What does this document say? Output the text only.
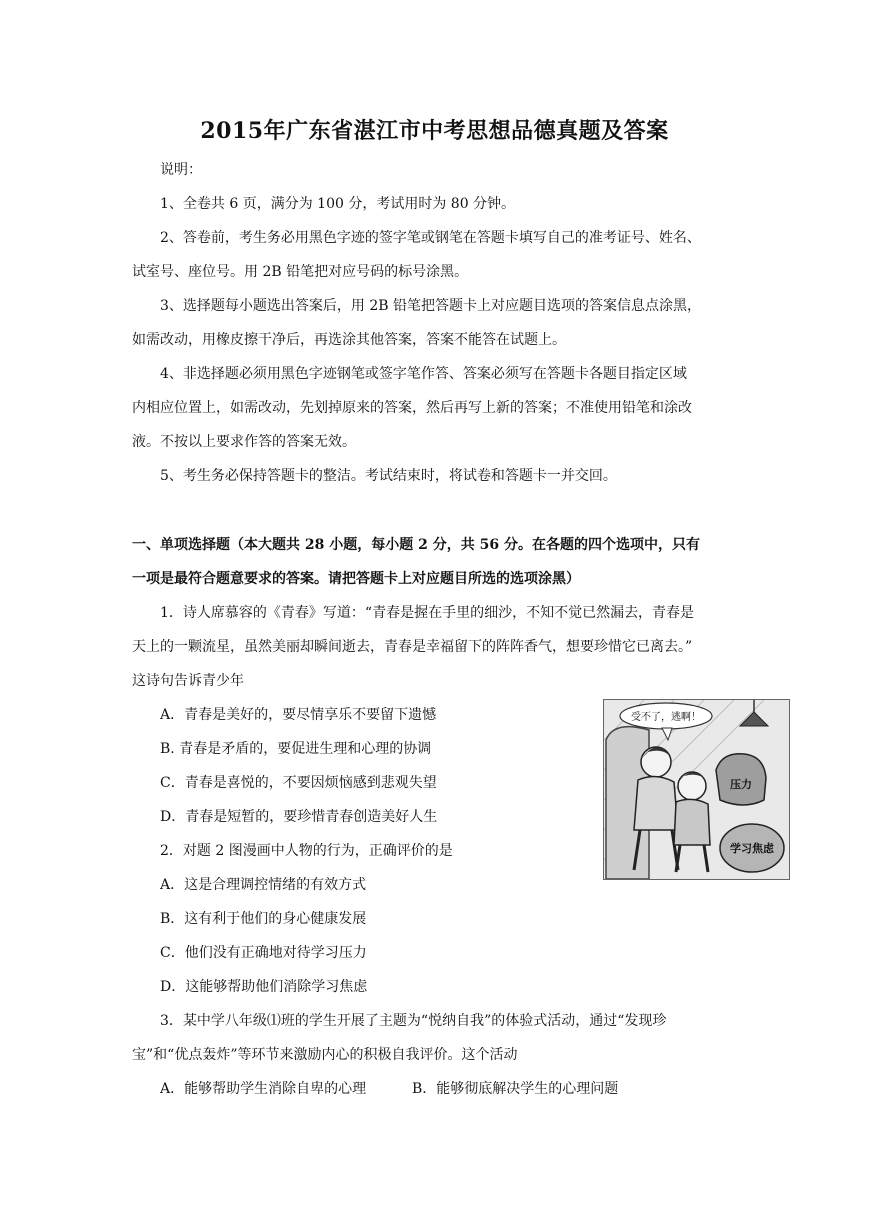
2015年广东省湛江市中考思想品德真题及答案
说明：
1、全卷共 6 页，满分为 100 分，考试用时为 80 分钟。
2、答卷前，考生务必用黑色字迹的签字笔或钢笔在答题卡填写自己的准考证号、姓名、
试室号、座位号。用 2B 铅笔把对应号码的标号涂黑。
3、选择题每小题选出答案后，用 2B 铅笔把答题卡上对应题目选项的答案信息点涂黑，
如需改动，用橡皮擦干净后，再选涂其他答案，答案不能答在试题上。
4、非选择题必须用黑色字迹钢笔或签字笔作答、答案必须写在答题卡各题目指定区域
内相应位置上，如需改动，先划掉原来的答案，然后再写上新的答案；不准使用铅笔和涂改
液。不按以上要求作答的答案无效。
5、考生务必保持答题卡的整洁。考试结束时，将试卷和答题卡一并交回。
一、单项选择题（本大题共 28 小题，每小题 2 分，共 56 分。在各题的四个选项中，只有
一项是最符合题意要求的答案。请把答题卡上对应题目所选的选项涂黑）
1．诗人席慕容的《青春》写道：“青春是握在手里的细沙，不知不觉已然漏去，青春是
天上的一颗流星，虽然美丽却瞬间逝去，青春是幸福留下的阵阵香气，想要珍惜它已离去。”
这诗句告诉青少年
A．青春是美好的，要尽情享乐不要留下遗憾
B. 青春是矛盾的，要促进生理和心理的协调
C．青春是喜悦的，不要因烦恼感到悲观失望
D．青春是短暂的，要珍惜青春创造美好人生
2．对题 2 图漫画中人物的行为，正确评价的是
A．这是合理调控情绪的有效方式
B．这有利于他们的身心健康发展
C．他们没有正确地对待学习压力
D．这能够帮助他们消除学习焦虑
3．某中学八年级⑴班的学生开展了主题为“悦纳自我”的体验式活动，通过“发现珍
宝”和“优点轰炸”等环节来激励内心的积极自我评价。这个活动
A．能够帮助学生消除自卑的心理	B．能够彻底解决学生的心理问题
受不了，逃啊！
压力
学习焦虑
